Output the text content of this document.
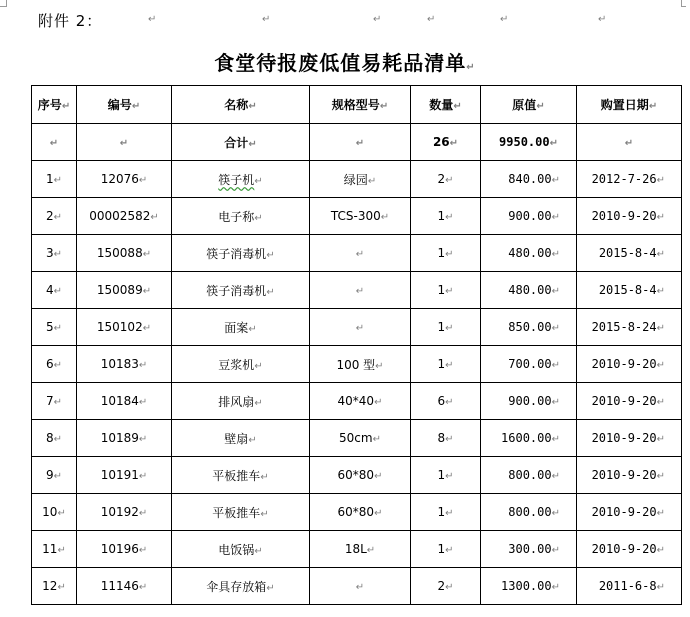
附件 2：	↵	↵	↵	↵	↵	↵
食堂待报废低值易耗品清单↵
序号↵	编号↵	名称↵	规格型号↵	数量↵	原值↵	购置日期↵
↵	↵	合计↵	↵	26↵	9950.00↵	↵
1↵	12076↵	筷子机↵	绿园↵	2↵	840.00↵	2012-7-26↵
2↵	00002582↵	电子称↵	TCS-300↵	1↵	900.00↵	2010-9-20↵
3↵	150088↵	筷子消毒机↵	↵	1↵	480.00↵	2015-8-4↵
4↵	150089↵	筷子消毒机↵	↵	1↵	480.00↵	2015-8-4↵
5↵	150102↵	面案↵	↵	1↵	850.00↵	2015-8-24↵
6↵	10183↵	豆浆机↵	100 型↵	1↵	700.00↵	2010-9-20↵
7↵	10184↵	排风扇↵	40*40↵	6↵	900.00↵	2010-9-20↵
8↵	10189↵	壁扇↵	50cm↵	8↵	1600.00↵	2010-9-20↵
9↵	10191↵	平板推车↵	60*80↵	1↵	800.00↵	2010-9-20↵
10↵	10192↵	平板推车↵	60*80↵	1↵	800.00↵	2010-9-20↵
11↵	10196↵	电饭锅↵	18L↵	1↵	300.00↵	2010-9-20↵
12↵	11146↵	伞具存放箱↵	↵	2↵	1300.00↵	2011-6-8↵
